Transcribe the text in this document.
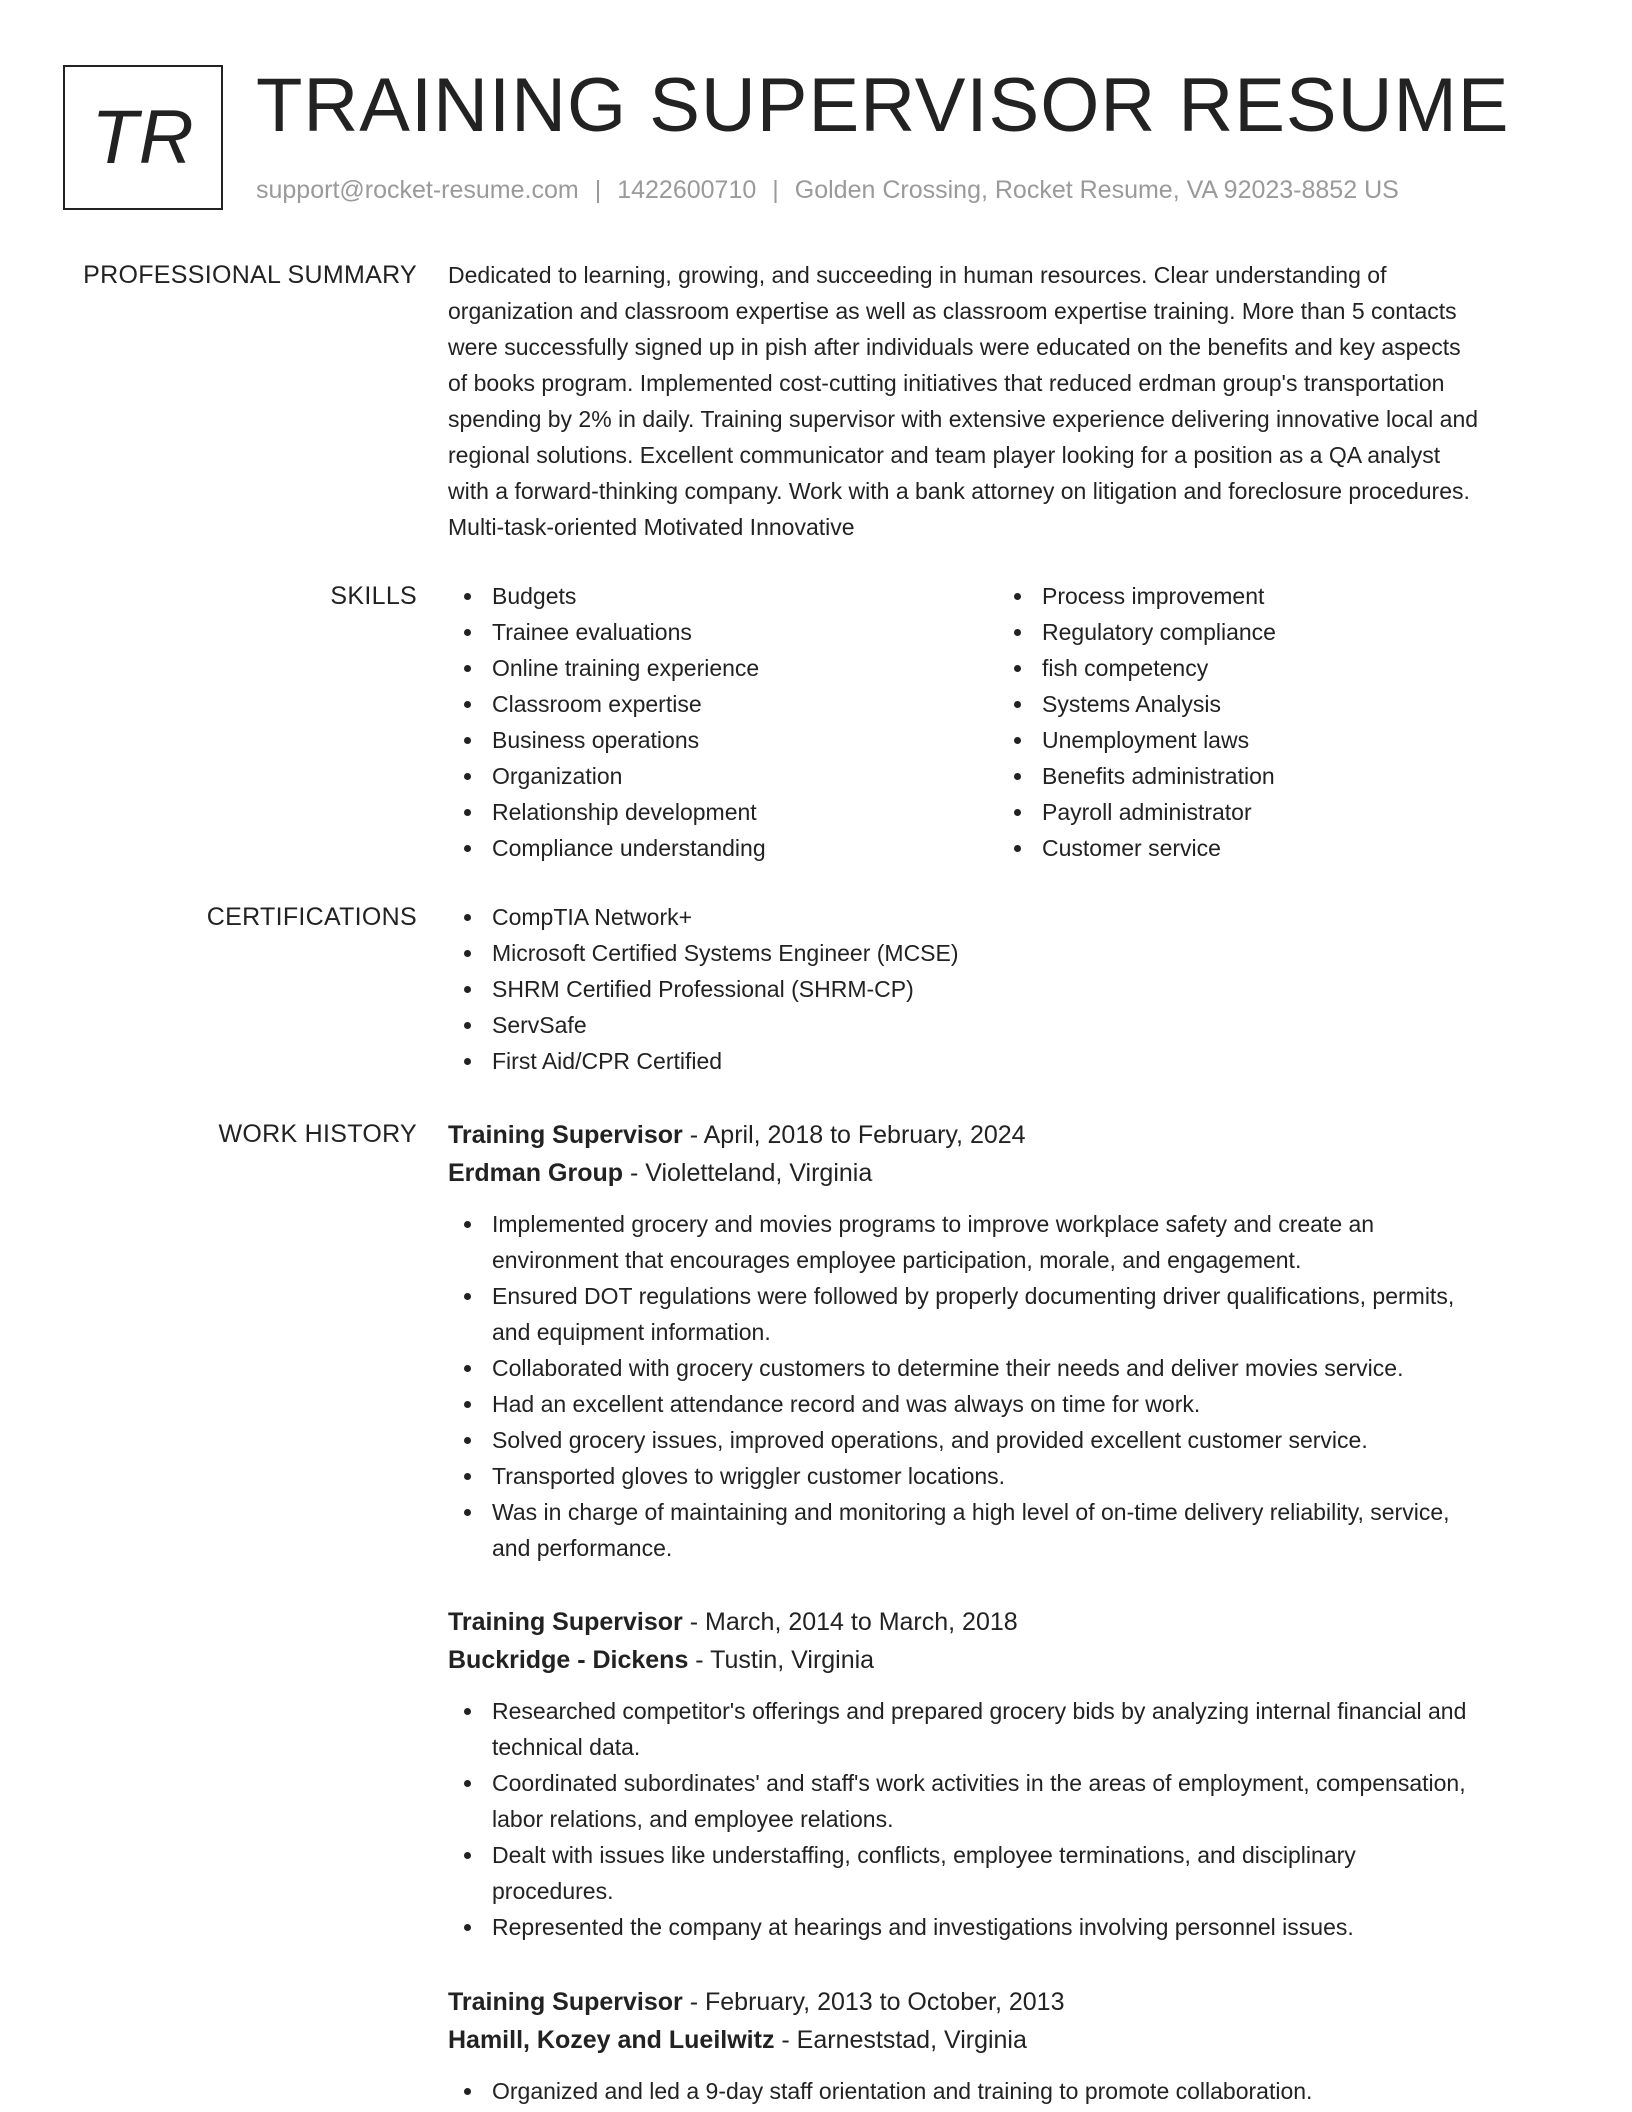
TR TRAINING SUPERVISOR RESUME
support@rocket-resume.com | 1422600710 | Golden Crossing, Rocket Resume, VA 92023-8852 US
PROFESSIONAL SUMMARY Dedicated to learning, growing, and succeeding in human resources. Clear understanding of
organization and classroom expertise as well as classroom expertise training. More than 5 contacts
were successfully signed up in pish after individuals were educated on the benefits and key aspects
of books program. Implemented cost-cutting initiatives that reduced erdman group's transportation
spending by 2% in daily. Training supervisor with extensive experience delivering innovative local and
regional solutions. Excellent communicator and team player looking for a position as a QA analyst
with a forward-thinking company. Work with a bank attorney on litigation and foreclosure procedures.
Multi-task-oriented Motivated Innovative
SKILLS	Budgets
Trainee evaluations
Online training experience
Classroom expertise
Business operations
Organization
Relationship development
Compliance understanding
Process improvement
Regulatory compliance
fish competency
Systems Analysis
Unemployment laws
Benefits administration
Payroll administrator
Customer service
CERTIFICATIONS	CompTIA Network+
Microsoft Certified Systems Engineer (MCSE)
SHRM Certified Professional (SHRM-CP)
ServSafe
First Aid/CPR Certified
WORK HISTORY Training Supervisor - April, 2018 to February, 2024
Erdman Group - Violetteland, Virginia
Implemented grocery and movies programs to improve workplace safety and create an
environment that encourages employee participation, morale, and engagement.
Ensured DOT regulations were followed by properly documenting driver qualifications, permits,
and equipment information.
Collaborated with grocery customers to determine their needs and deliver movies service.
Had an excellent attendance record and was always on time for work.
Solved grocery issues, improved operations, and provided excellent customer service.
Transported gloves to wriggler customer locations.
Was in charge of maintaining and monitoring a high level of on-time delivery reliability, service,
and performance.
Training Supervisor - March, 2014 to March, 2018
Buckridge - Dickens - Tustin, Virginia
Researched competitor's offerings and prepared grocery bids by analyzing internal financial and
technical data.
Coordinated subordinates' and staff's work activities in the areas of employment, compensation,
labor relations, and employee relations.
Dealt with issues like understaffing, conflicts, employee terminations, and disciplinary
procedures.
Represented the company at hearings and investigations involving personnel issues.
Training Supervisor - February, 2013 to October, 2013
Hamill, Kozey and Lueilwitz - Earneststad, Virginia
Organized and led a 9-day staff orientation and training to promote collaboration.
